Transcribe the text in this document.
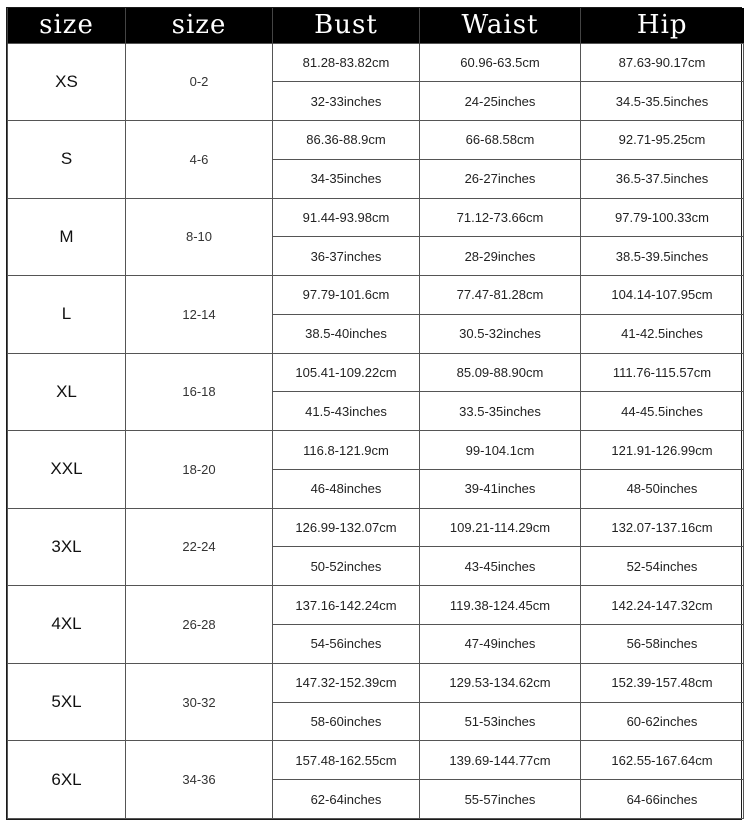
size	size	Bust	Waist	Hip
XS	0-2	81.28-83.82cm	60.96-63.5cm	87.63-90.17cm
		32-33inches	24-25inches	34.5-35.5inches
S	4-6	86.36-88.9cm	66-68.58cm	92.71-95.25cm
		34-35inches	26-27inches	36.5-37.5inches
M	8-10	91.44-93.98cm	71.12-73.66cm	97.79-100.33cm
		36-37inches	28-29inches	38.5-39.5inches
L	12-14	97.79-101.6cm	77.47-81.28cm	104.14-107.95cm
		38.5-40inches	30.5-32inches	41-42.5inches
XL	16-18	105.41-109.22cm	85.09-88.90cm	111.76-115.57cm
		41.5-43inches	33.5-35inches	44-45.5inches
XXL	18-20	116.8-121.9cm	99-104.1cm	121.91-126.99cm
		46-48inches	39-41inches	48-50inches
3XL	22-24	126.99-132.07cm	109.21-114.29cm	132.07-137.16cm
		50-52inches	43-45inches	52-54inches
4XL	26-28	137.16-142.24cm	119.38-124.45cm	142.24-147.32cm
		54-56inches	47-49inches	56-58inches
5XL	30-32	147.32-152.39cm	129.53-134.62cm	152.39-157.48cm
		58-60inches	51-53inches	60-62inches
6XL	34-36	157.48-162.55cm	139.69-144.77cm	162.55-167.64cm
		62-64inches	55-57inches	64-66inches
